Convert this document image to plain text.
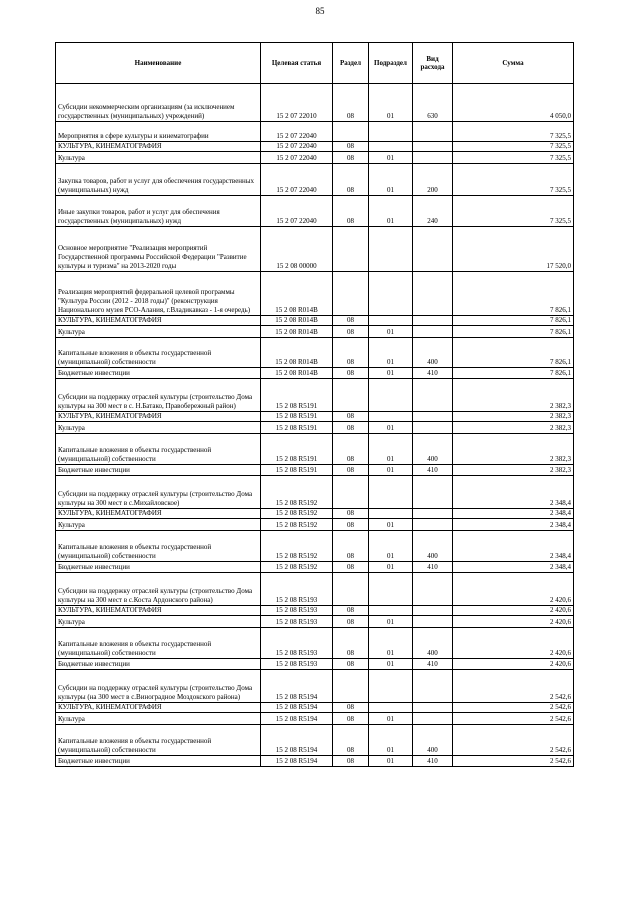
85
Наименование	Целевая статья	Раздел	Подраздел	Вид расхода	Сумма
Субсидии некоммерческим организациям (за исключением государственных (муниципальных) учреждений)	15 2 07 22010	08	01	630	4 050,0
Мероприятия в сфере культуры и кинематографии	15 2 07 22040				7 325,5
КУЛЬТУРА, КИНЕМАТОГРАФИЯ	15 2 07 22040	08			7 325,5
Культура	15 2 07 22040	08	01		7 325,5
Закупка товаров, работ и услуг для обеспечения государственных (муниципальных) нужд	15 2 07 22040	08	01	200	7 325,5
Иные закупки товаров, работ и услуг для обеспечения государственных (муниципальных) нужд	15 2 07 22040	08	01	240	7 325,5
Основное мероприятие "Реализация мероприятий Государственной программы Российской Федерации "Развитие культуры и туризма" на 2013-2020 годы	15 2 08 00000				17 520,0
Реализация мероприятий федеральной целевой программы "Культура России (2012 - 2018 годы)" (реконструкция Национального музея РСО-Алания, г.Владикавказ - 1-я очередь)	15 2 08 R014B				7 826,1
КУЛЬТУРА, КИНЕМАТОГРАФИЯ	15 2 08 R014B	08			7 826,1
Культура	15 2 08 R014B	08	01		7 826,1
Капитальные вложения в объекты государственной (муниципальной) собственности	15 2 08 R014B	08	01	400	7 826,1
Бюджетные инвестиции	15 2 08 R014B	08	01	410	7 826,1
Субсидии на поддержку отраслей культуры (строительство Дома культуры на 300 мест в с. Н.Батако, Правобережный район)	15 2 08 R5191				2 382,3
КУЛЬТУРА, КИНЕМАТОГРАФИЯ	15 2 08 R5191	08			2 382,3
Культура	15 2 08 R5191	08	01		2 382,3
Капитальные вложения в объекты государственной (муниципальной) собственности	15 2 08 R5191	08	01	400	2 382,3
Бюджетные инвестиции	15 2 08 R5191	08	01	410	2 382,3
Субсидии на поддержку отраслей культуры (строительство Дома культуры на 300 мест в с.Михайловское)	15 2 08 R5192				2 348,4
КУЛЬТУРА, КИНЕМАТОГРАФИЯ	15 2 08 R5192	08			2 348,4
Культура	15 2 08 R5192	08	01		2 348,4
Капитальные вложения в объекты государственной (муниципальной) собственности	15 2 08 R5192	08	01	400	2 348,4
Бюджетные инвестиции	15 2 08 R5192	08	01	410	2 348,4
Субсидии на поддержку отраслей культуры (строительство Дома культуры на 300 мест в с.Коста Ардонского района)	15 2 08 R5193				2 420,6
КУЛЬТУРА, КИНЕМАТОГРАФИЯ	15 2 08 R5193	08			2 420,6
Культура	15 2 08 R5193	08	01		2 420,6
Капитальные вложения в объекты государственной (муниципальной) собственности	15 2 08 R5193	08	01	400	2 420,6
Бюджетные инвестиции	15 2 08 R5193	08	01	410	2 420,6
Субсидии на поддержку отраслей культуры (строительство Дома культуры (на 300 мест в с.Виноградное Моздокского района)	15 2 08 R5194				2 542,6
КУЛЬТУРА, КИНЕМАТОГРАФИЯ	15 2 08 R5194	08			2 542,6
Культура	15 2 08 R5194	08	01		2 542,6
Капитальные вложения в объекты государственной (муниципальной) собственности	15 2 08 R5194	08	01	400	2 542,6
Бюджетные инвестиции	15 2 08 R5194	08	01	410	2 542,6
